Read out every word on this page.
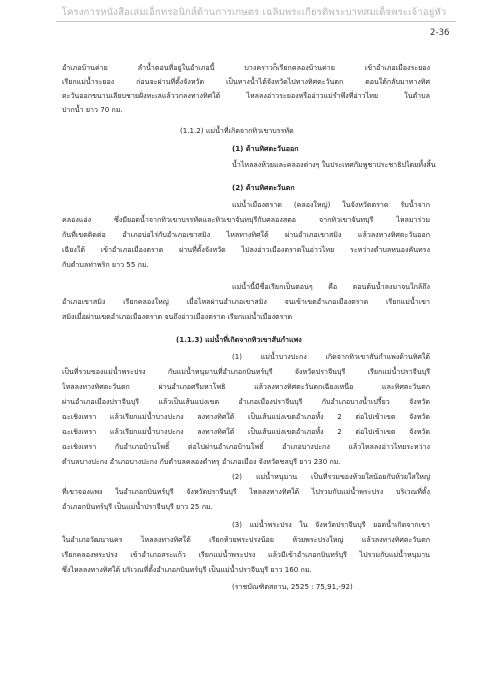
โครงการหนังสือเล่มเอ็กทรอนิกส์ด้านการเกษตร เฉลิมพระเกียรติพระบาทสมเด็จพระเจ้าอยู่หัว
2-36
อำเภอบ้านค่าย ลำน้ำตอนที่อยู่ในอำเภอนี้ บางคราวก็เรียกคลองบ้านค่าย เข้าอำเภอเมืองระยอง
เรียกแม่น้ำระยอง ก่อนจะผ่านที่ตั้งจังหวัด เป็นทางน้ำไต้จังหวัดไปทางทิศตะวันตก ตอนใต้กลับมาทางทิศ
ตะวันออกขนานเลียบชายฝั่งทะเลแล้ววกลงทางทิศใต้ ไหลลงอ่าวระยองหรืออ่าวแม่รำพึงที่อ่าวไทย ในตำบล
ปากน้ำ ยาว 70 กม.
(1.1.2) แม่น้ำที่เกิดจากทิวเขาบรรทัด
(1) ด้านทิศตะวันออก
น้ำไหลลงห้วยและคลองต่างๆ ในประเทศกัมพูชาประชาธิปไตยทั้งสิ้น
(2) ด้านทิศตะวันตก
แม่น้ำเมืองตราด (คลองใหญ่) ในจังหวัดตราด รับน้ำจาก
คลองแอ่ง ซึ่งมียอดน้ำจากทิวเขาบรรทัดและทิวเขาจันทบุรีกับคลองสตอ จากทิวเขาจันทบุรี ไหลมาร่วม
กันที่เขตติดต่อ อำเภอบ่อไร่กับอำเภอเขาสมิง ไหลทางทิศใต้ ผ่านอำเภอเขาสมิง แล้วลงทางทิศตะวันออก
เฉียงใต้ เข้าอำเภอเมืองตราด ผ่านที่ตั้งจังหวัด ไปลงอ่าวเมืองตราดในอ่าวไทย ระหว่างตำบลหนองคันทรง
กับตำบลท่าพริก ยาว 55 กม.
แม่น้ำนี้มีชื่อเรียกเป็นตอนๆ คือ ตอนต้นน้ำลงมาจนใกล้ถึง
อำเภอเขาสมิง เรียกคลองใหญ่ เมื่อไหลผ่านอำเภอเขาสมิง จนเข้าเขตอำเภอเมืองตราด เรียกแม่น้ำเขา
สมิงเมื่อผ่านเขตอำเภอเมืองตราด จนถึงอ่าวเมืองตราด เรียกแม่น้ำเมืองตราด
(1.1.3) แม่น้ำที่เกิดจากทิวเขาสันกำแพง
(1) แม่น้ำบางปะกง เกิดจากทิวเขาสันกำแพงด้านทิศใต้
เป็นที่รวมของแม่น้ำพระปรง กับแม่น้ำหนุมานที่อำเภอกบินทร์บุรี จังหวัดปราจีนบุรี เรียกแม่น้ำปราจีนบุรี
ไหลลงทางทิศตะวันตก ผ่านอำเภอศรีมหาโพธิ แล้วลงทางทิศตะวันตกเฉียงเหนือ และทิศตะวันตก
ผ่านอำเภอเมืองปราจีนบุรี แล้วเป็นเส้นแบ่งเขต อำเภอเมืองปราจีนบุรี กับอำเภอบางน้ำเปรี้ยว จังหวัด
ฉะเชิงเทรา แล้วเรียกแม่น้ำบางปะกง ลงทางทิศใต้ เป็นเส้นแบ่งเขตอำเภอทั้ง 2 ต่อไปเข้าเขต จังหวัด
ฉะเชิงเทรา แล้วเรียกแม่น้ำบางปะกง ลงทางทิศใต้ เป็นเส้นแบ่งเขตอำเภอทั้ง 2 ต่อไปเข้าเขต จังหวัด
ฉะเชิงเทรา กับอำเภอบ้านโพธิ์ ต่อไปผ่านอำเภอบ้านโพธิ์ อำเภอบางปะกง แล้วไหลลงอ่าวไทยระหว่าง
ตำบลบางปะกง อำเภอบางปะกง กับตำบลคลองตำหรุ อำเภอเมือง จังหวัดชลบุรี ยาว 230 กม.
(2) แม่น้ำหนุมาน เป็นที่รวมของห้วยใสน้อยกับห้วยใสใหญ่
ที่เขาจองแพง ในอำเภอกบินทร์บุรี จังหวัดปราจีนบุรี ไหลลงทางทิศใต้ ไปรวมกับแม่น้ำพระปรง บริเวณที่ตั้ง
อำเภอกบินทร์บุรี เป็นแม่น้ำปราจีนบุรี ยาว 25 กม.
(3) แม่น้ำพระปรง ใน จังหวัดปราจีนบุรี ยอดน้ำเกิดจากเขา
ในอำเภอวัฒนานคร ไหลลงทางทิศใต้ เรียกห้วยพระปรงน้อย ห้วยพระปรงใหญ่ แล้วลงทางทิศตะวันตก
เรียกคลองพระปรง เข้าอำเภอสระแก้ว เรียกแม่น้ำพระปรง แล้วมีเข้าอำเภอกบินทร์บุรี ไปรวมกับแม่น้ำหนุมาน
ซึ่งไหลลงทางทิศใต้ บริเวณที่ตั้งอำเภอกบินทร์บุรี เป็นแม่น้ำปราจีนบุรี ยาว 160 กม.
(ราชบัณฑิตสถาน, 2525 : 75,91,-92)
